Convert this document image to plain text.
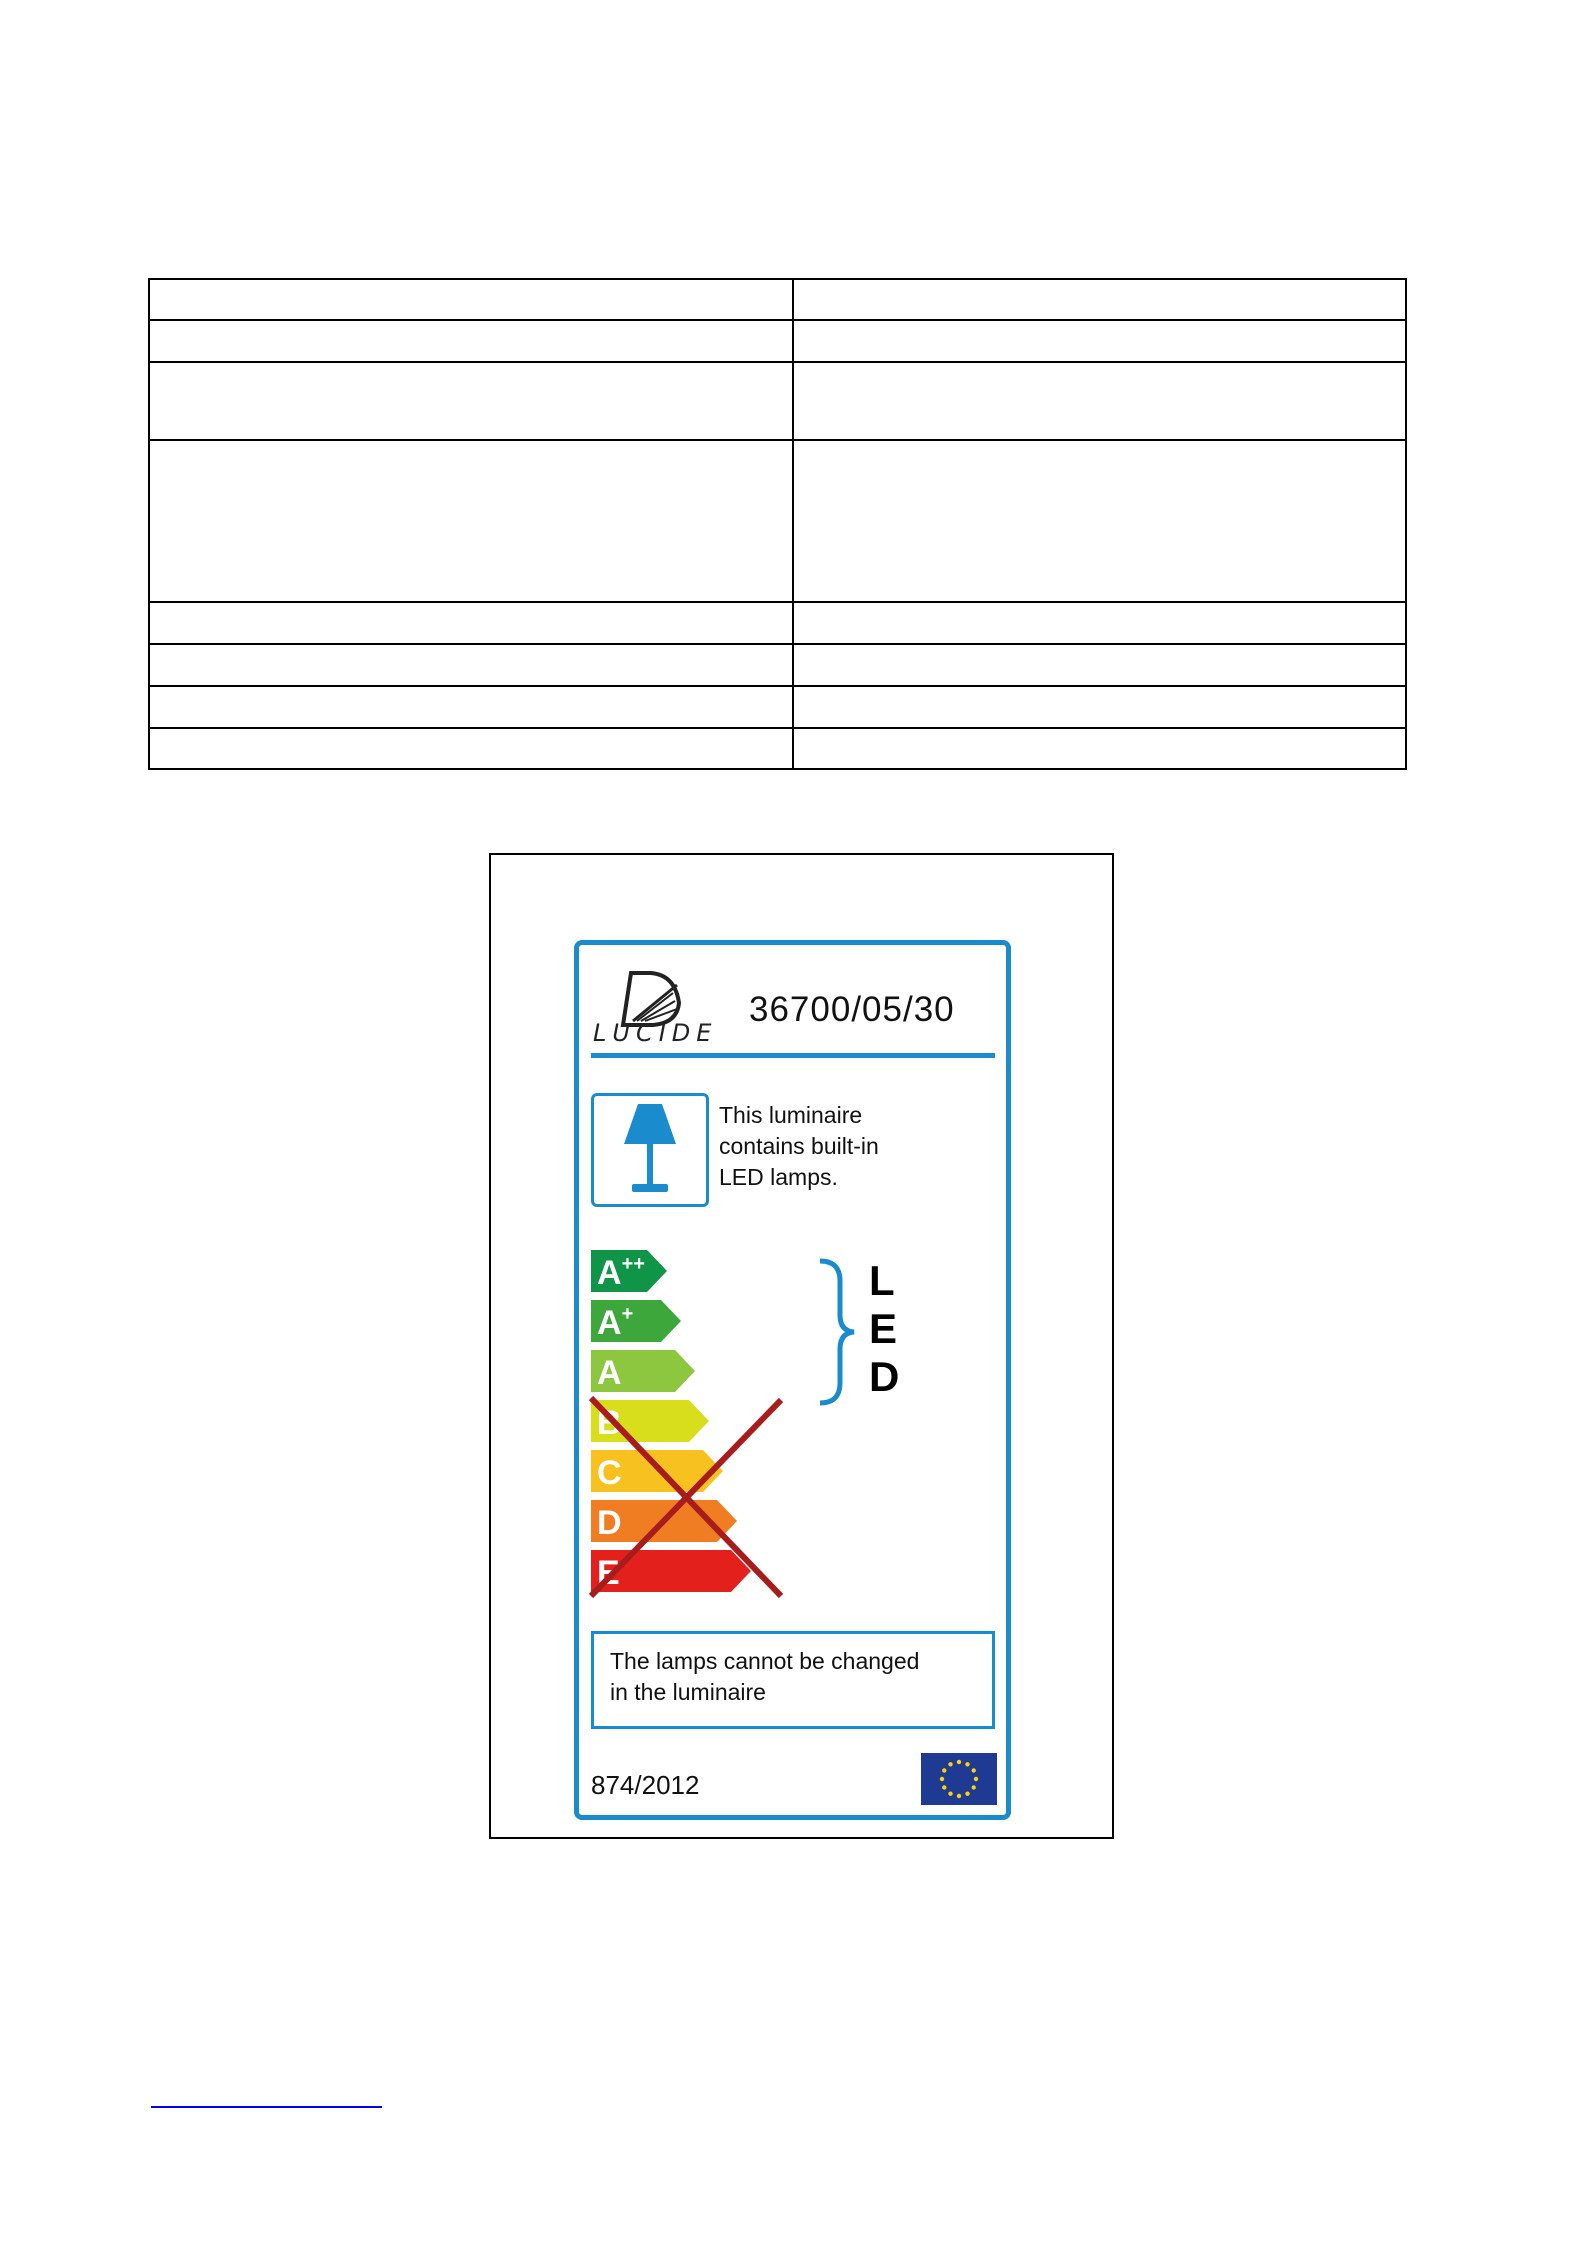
LUCIDE
36700/05/30
This luminaire
contains built-in
LED lamps.
A++
A+
A
B
C
D
E
L
E
D
The lamps cannot be changed
in the luminaire
874/2012
